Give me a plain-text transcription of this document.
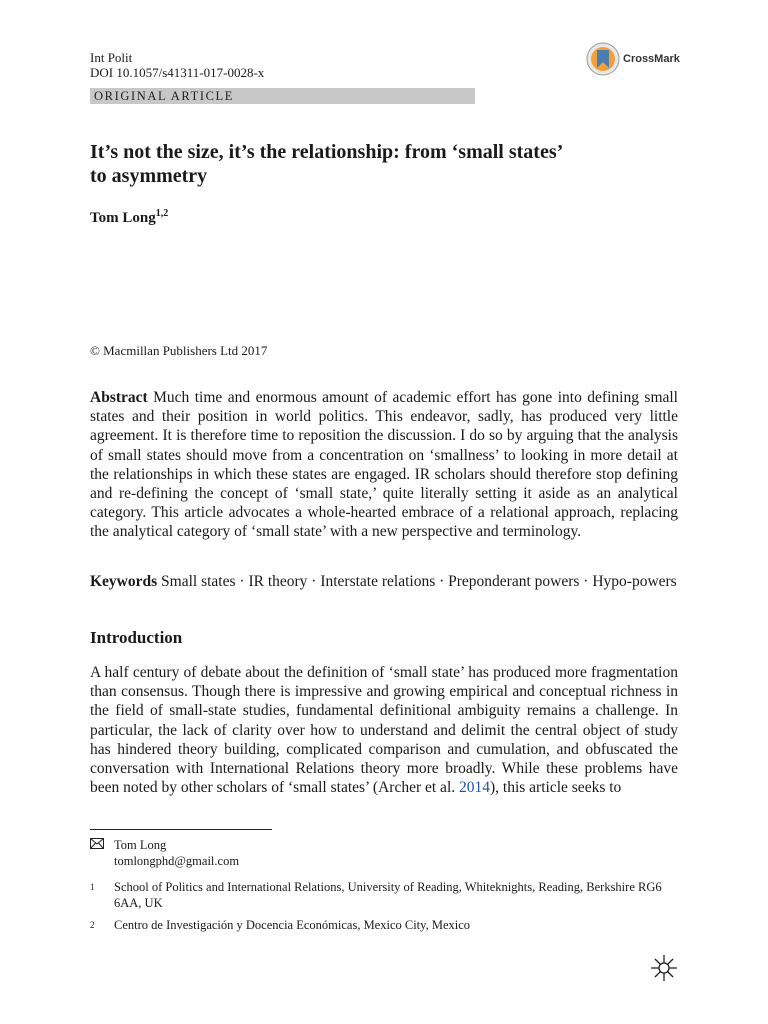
Int Polit
DOI 10.1057/s41311-017-0028-x
CrossMark
ORIGINAL ARTICLE
It’s not the size, it’s the relationship: from ‘small states’
to asymmetry
Tom Long$^{1,2}$
© Macmillan Publishers Ltd 2017
Abstract Much time and enormous amount of academic effort has gone into defining small states and their position in world politics. This endeavor, sadly, has produced very little agreement. It is therefore time to reposition the discussion. I do so by arguing that the analysis of small states should move from a concentration on ‘smallness’ to looking in more detail at the relationships in which these states are engaged. IR scholars should therefore stop defining and re-defining the concept of ‘small state,’ quite literally setting it aside as an analytical category. This article advocates a whole-hearted embrace of a relational approach, replacing the analytical category of ‘small state’ with a new perspective and terminology.
Keywords Small states · IR theory · Interstate relations · Preponderant powers · Hypo-powers
Introduction
A half century of debate about the definition of ‘small state’ has produced more fragmentation than consensus. Though there is impressive and growing empirical and conceptual richness in the field of small-state studies, fundamental definitional ambiguity remains a challenge. In particular, the lack of clarity over how to understand and delimit the central object of study has hindered theory building, complicated comparison and cumulation, and obfuscated the conversation with International Relations theory more broadly. While these problems have been noted by other scholars of ‘small states’ (Archer et al. 2014), this article seeks to
Tom Long
tomlongphd@gmail.com
1	School of Politics and International Relations, University of Reading, Whiteknights, Reading, Berkshire RG6 6AA, UK
2	Centro de Investigación y Docencia Económicas, Mexico City, Mexico
